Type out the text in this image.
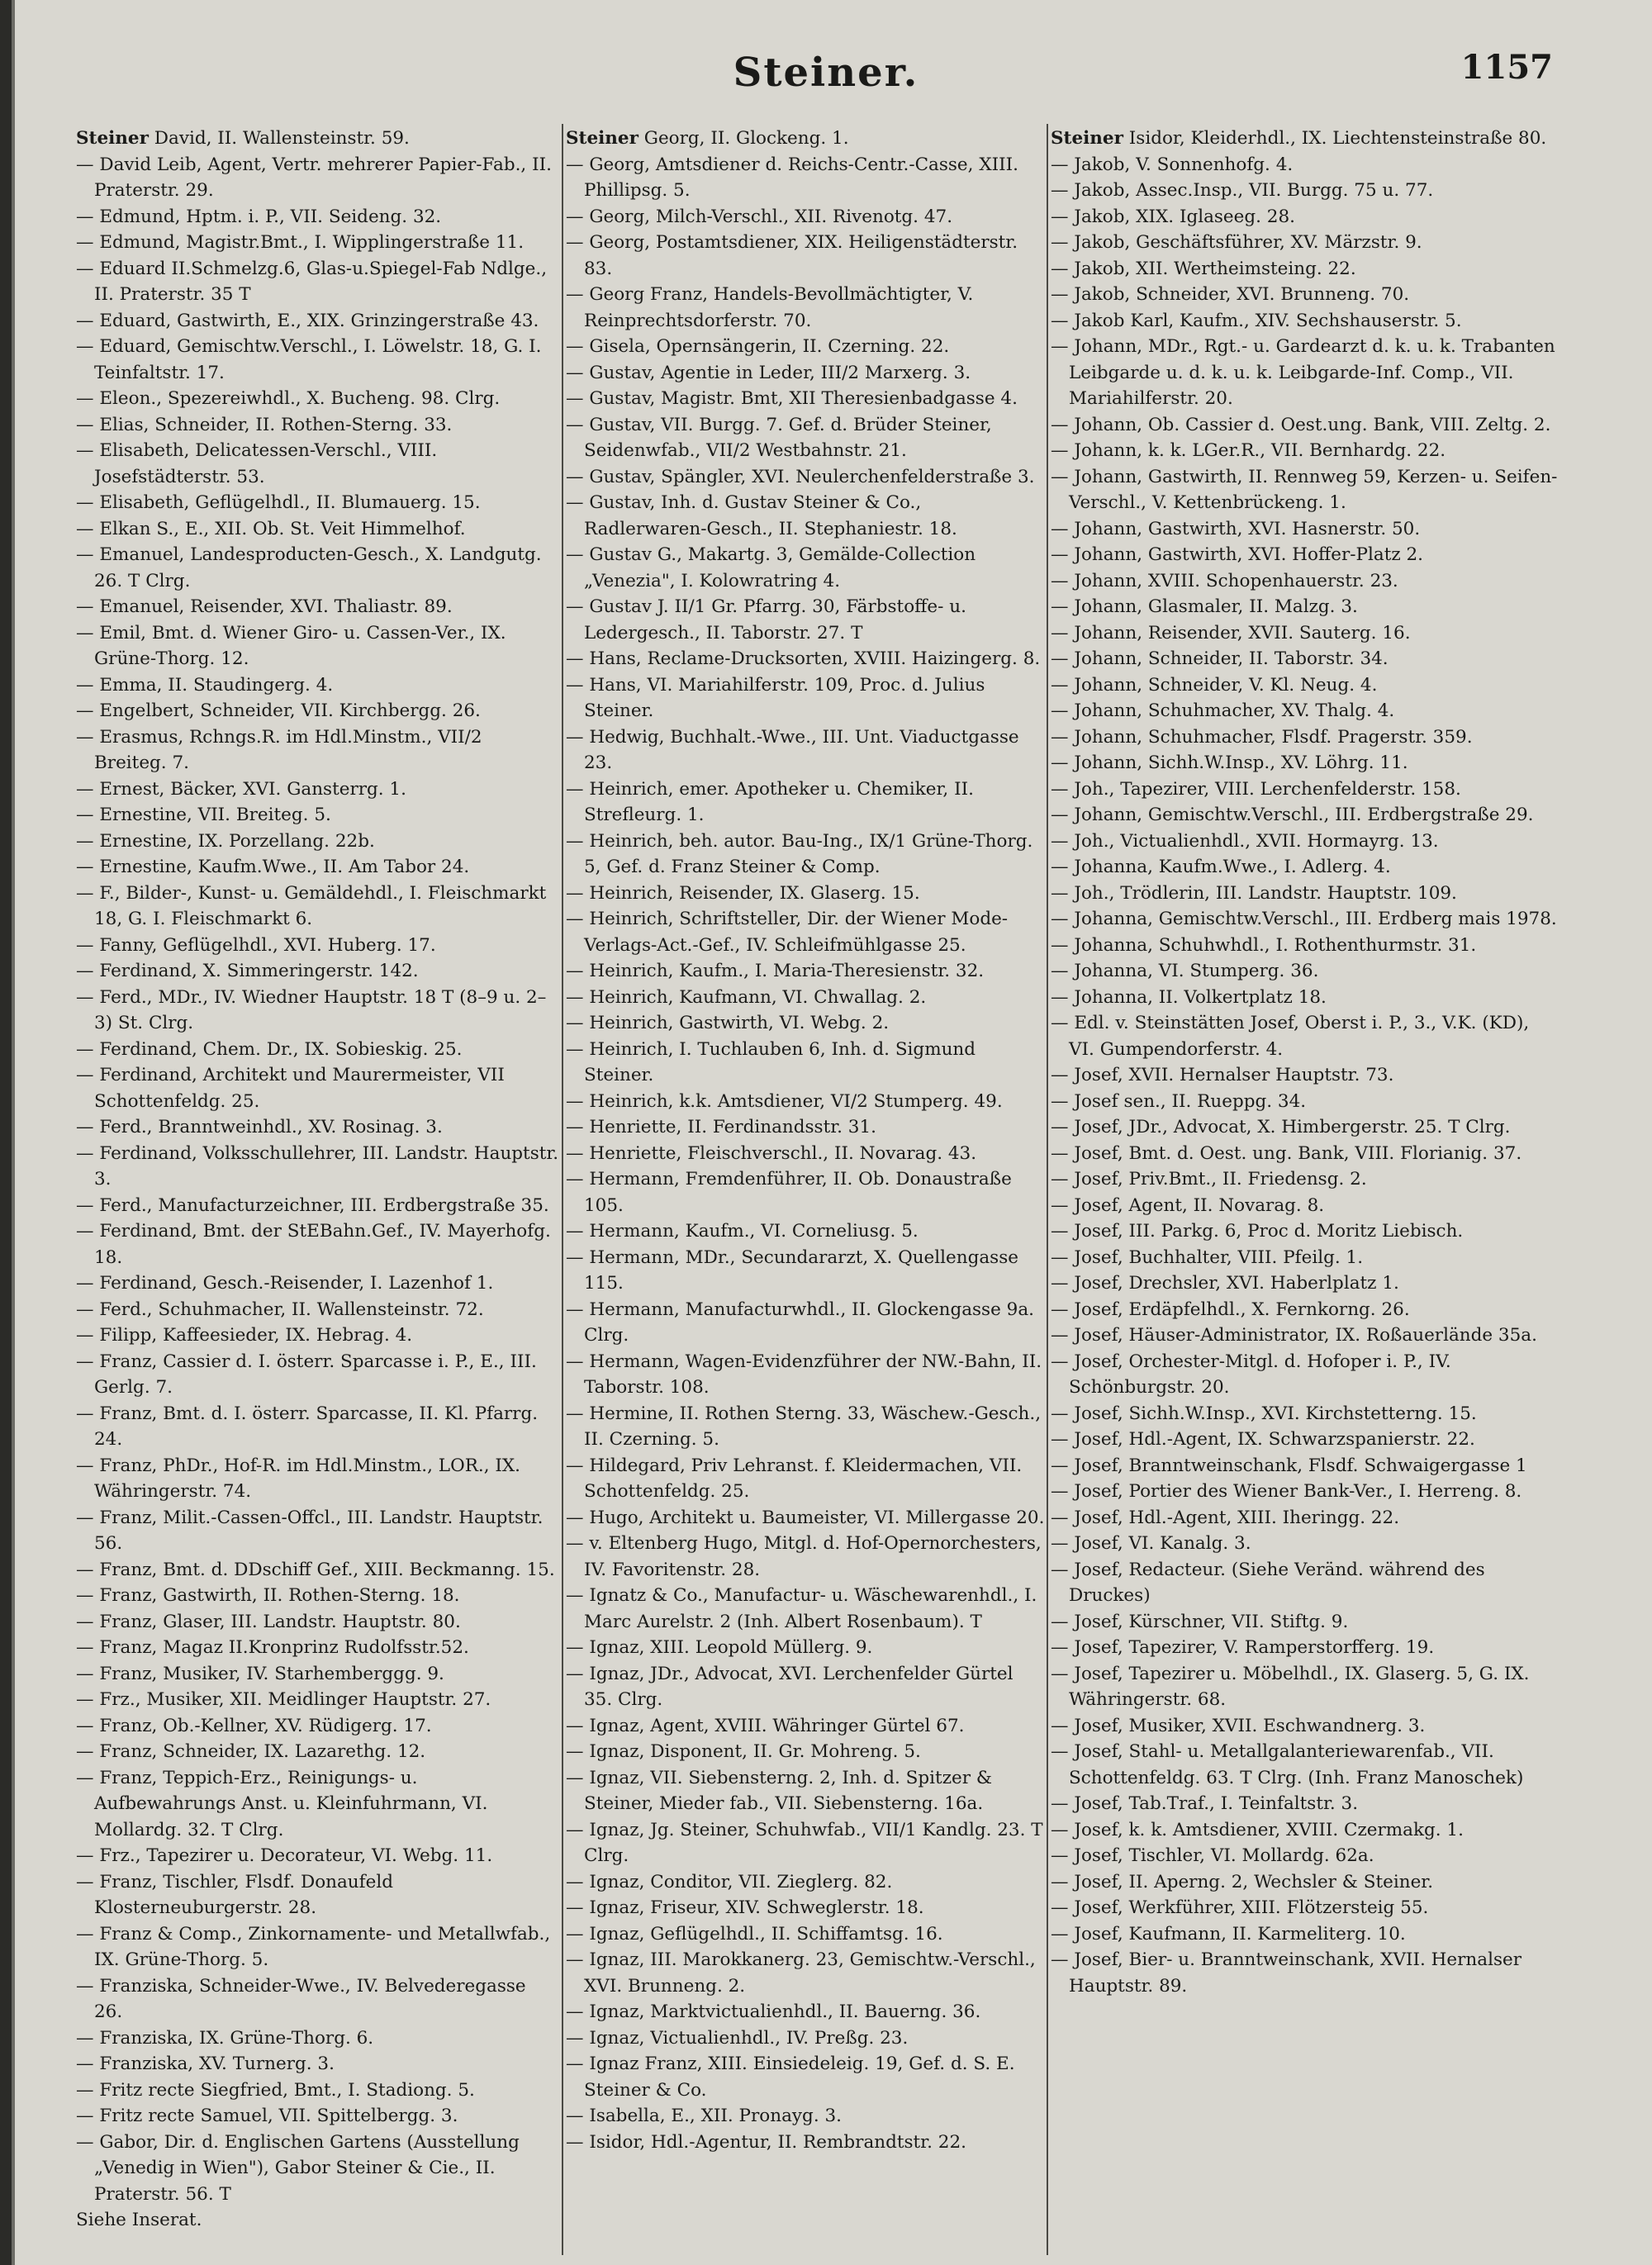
Steiner.	1157
Steiner David, II. Wallensteinstr. 59.
— David Leib, Agent, Vertr. mehrerer Papier-Fab., II. Praterstr. 29.
— Edmund, Hptm. i. P., VII. Seideng. 32.
— Edmund, Magistr.Bmt., I. Wipplingerstraße 11.
— Eduard II.Schmelzg.6, Glas-u.Spiegel-Fab Ndlge., II. Praterstr. 35 T
— Eduard, Gastwirth, E., XIX. Grinzingerstraße 43.
— Eduard, Gemischtw.Verschl., I. Löwelstr. 18, G. I. Teinfaltstr. 17.
— Eleon., Spezereiwhdl., X. Bucheng. 98. Clrg.
— Elias, Schneider, II. Rothen-Sterng. 33.
— Elisabeth, Delicatessen-Verschl., VIII. Josefstädterstr. 53.
— Elisabeth, Geflügelhdl., II. Blumauerg. 15.
— Elkan S., E., XII. Ob. St. Veit Himmelhof.
— Emanuel, Landesproducten-Gesch., X. Landgutg. 26. T Clrg.
— Emanuel, Reisender, XVI. Thaliastr. 89.
— Emil, Bmt. d. Wiener Giro- u. Cassen-Ver., IX. Grüne-Thorg. 12.
— Emma, II. Staudingerg. 4.
— Engelbert, Schneider, VII. Kirchbergg. 26.
— Erasmus, Rchngs.R. im Hdl.Minstm., VII/2 Breiteg. 7.
— Ernest, Bäcker, XVI. Gansterrg. 1.
— Ernestine, VII. Breiteg. 5.
— Ernestine, IX. Porzellang. 22b.
— Ernestine, Kaufm.Wwe., II. Am Tabor 24.
— F., Bilder-, Kunst- u. Gemäldehdl., I. Fleischmarkt 18, G. I. Fleischmarkt 6.
— Fanny, Geflügelhdl., XVI. Huberg. 17.
— Ferdinand, X. Simmeringerstr. 142.
— Ferd., MDr., IV. Wiedner Hauptstr. 18 T (8–9 u. 2–3) St. Clrg.
— Ferdinand, Chem. Dr., IX. Sobieskig. 25.
— Ferdinand, Architekt und Maurermeister, VII Schottenfeldg. 25.
— Ferd., Branntweinhdl., XV. Rosinag. 3.
— Ferdinand, Volksschullehrer, III. Landstr. Hauptstr. 3.
— Ferd., Manufacturzeichner, III. Erdbergstraße 35.
— Ferdinand, Bmt. der StEBahn.Gef., IV. Mayerhofg. 18.
— Ferdinand, Gesch.-Reisender, I. Lazenhof 1.
— Ferd., Schuhmacher, II. Wallensteinstr. 72.
— Filipp, Kaffeesieder, IX. Hebrag. 4.
— Franz, Cassier d. I. österr. Sparcasse i. P., E., III. Gerlg. 7.
— Franz, Bmt. d. I. österr. Sparcasse, II. Kl. Pfarrg. 24.
— Franz, PhDr., Hof-R. im Hdl.Minstm., LOR., IX. Währingerstr. 74.
— Franz, Milit.-Cassen-Offcl., III. Landstr. Hauptstr. 56.
— Franz, Bmt. d. DDschiff Gef., XIII. Beckmanng. 15.
— Franz, Gastwirth, II. Rothen-Sterng. 18.
— Franz, Glaser, III. Landstr. Hauptstr. 80.
— Franz, Magaz II.Kronprinz Rudolfsstr.52.
— Franz, Musiker, IV. Starhemberggg. 9.
— Frz., Musiker, XII. Meidlinger Hauptstr. 27.
— Franz, Ob.-Kellner, XV. Rüdigerg. 17.
— Franz, Schneider, IX. Lazarethg. 12.
— Franz, Teppich-Erz., Reinigungs- u. Aufbewahrungs Anst. u. Kleinfuhrmann, VI. Mollardg. 32. T Clrg.
— Frz., Tapezirer u. Decorateur, VI. Webg. 11.
— Franz, Tischler, Flsdf. Donaufeld Klosterneuburgerstr. 28.
— Franz & Comp., Zinkornamente- und Metallwfab., IX. Grüne-Thorg. 5.
— Franziska, Schneider-Wwe., IV. Belvederegasse 26.
— Franziska, IX. Grüne-Thorg. 6.
— Franziska, XV. Turnerg. 3.
— Fritz recte Siegfried, Bmt., I. Stadiong. 5.
— Fritz recte Samuel, VII. Spittelbergg. 3.
— Gabor, Dir. d. Englischen Gartens (Ausstellung „Venedig in Wien"), Gabor Steiner & Cie., II. Praterstr. 56. T
Siehe Inserat.
Steiner Georg, II. Glockeng. 1.
— Georg, Amtsdiener d. Reichs-Centr.-Casse, XIII. Phillipsg. 5.
— Georg, Milch-Verschl., XII. Rivenotg. 47.
— Georg, Postamtsdiener, XIX. Heiligenstädterstr. 83.
— Georg Franz, Handels-Bevollmächtigter, V. Reinprechtsdorferstr. 70.
— Gisela, Opernsängerin, II. Czerning. 22.
— Gustav, Agentie in Leder, III/2 Marxerg. 3.
— Gustav, Magistr. Bmt, XII Theresienbadgasse 4.
— Gustav, VII. Burgg. 7. Gef. d. Brüder Steiner, Seidenwfab., VII/2 Westbahnstr. 21.
— Gustav, Spängler, XVI. Neulerchenfelderstraße 3.
— Gustav, Inh. d. Gustav Steiner & Co., Radlerwaren-Gesch., II. Stephaniestr. 18.
— Gustav G., Makartg. 3, Gemälde-Collection „Venezia", I. Kolowratring 4.
— Gustav J. II/1 Gr. Pfarrg. 30, Färbstoffe- u. Ledergesch., II. Taborstr. 27. T
— Hans, Reclame-Drucksorten, XVIII. Haizingerg. 8.
— Hans, VI. Mariahilferstr. 109, Proc. d. Julius Steiner.
— Hedwig, Buchhalt.-Wwe., III. Unt. Viaductgasse 23.
— Heinrich, emer. Apotheker u. Chemiker, II. Strefleurg. 1.
— Heinrich, beh. autor. Bau-Ing., IX/1 Grüne-Thorg. 5, Gef. d. Franz Steiner & Comp.
— Heinrich, Reisender, IX. Glaserg. 15.
— Heinrich, Schriftsteller, Dir. der Wiener Mode-Verlags-Act.-Gef., IV. Schleifmühlgasse 25.
— Heinrich, Kaufm., I. Maria-Theresienstr. 32.
— Heinrich, Kaufmann, VI. Chwallag. 2.
— Heinrich, Gastwirth, VI. Webg. 2.
— Heinrich, I. Tuchlauben 6, Inh. d. Sigmund Steiner.
— Heinrich, k.k. Amtsdiener, VI/2 Stumperg. 49.
— Henriette, II. Ferdinandsstr. 31.
— Henriette, Fleischverschl., II. Novarag. 43.
— Hermann, Fremdenführer, II. Ob. Donaustraße 105.
— Hermann, Kaufm., VI. Corneliusg. 5.
— Hermann, MDr., Secundararzt, X. Quellengasse 115.
— Hermann, Manufacturwhdl., II. Glockengasse 9a. Clrg.
— Hermann, Wagen-Evidenzführer der NW.-Bahn, II. Taborstr. 108.
— Hermine, II. Rothen Sterng. 33, Wäschew.-Gesch., II. Czerning. 5.
— Hildegard, Priv Lehranst. f. Kleidermachen, VII. Schottenfeldg. 25.
— Hugo, Architekt u. Baumeister, VI. Millergasse 20.
— v. Eltenberg Hugo, Mitgl. d. Hof-Opernorchesters, IV. Favoritenstr. 28.
— Ignatz & Co., Manufactur- u. Wäschewarenhdl., I. Marc Aurelstr. 2 (Inh. Albert Rosenbaum). T
— Ignaz, XIII. Leopold Müllerg. 9.
— Ignaz, JDr., Advocat, XVI. Lerchenfelder Gürtel 35. Clrg.
— Ignaz, Agent, XVIII. Währinger Gürtel 67.
— Ignaz, Disponent, II. Gr. Mohreng. 5.
— Ignaz, VII. Siebensterng. 2, Inh. d. Spitzer & Steiner, Mieder fab., VII. Siebensterng. 16a.
— Ignaz, Jg. Steiner, Schuhwfab., VII/1 Kandlg. 23. T Clrg.
— Ignaz, Conditor, VII. Zieglerg. 82.
— Ignaz, Friseur, XIV. Schweglerstr. 18.
— Ignaz, Geflügelhdl., II. Schiffamtsg. 16.
— Ignaz, III. Marokkanerg. 23, Gemischtw.-Verschl., XVI. Brunneng. 2.
— Ignaz, Marktvictualienhdl., II. Bauerng. 36.
— Ignaz, Victualienhdl., IV. Preßg. 23.
— Ignaz Franz, XIII. Einsiedeleig. 19, Gef. d. S. E. Steiner & Co.
— Isabella, E., XII. Pronayg. 3.
— Isidor, Hdl.-Agentur, II. Rembrandtstr. 22.
Steiner Isidor, Kleiderhdl., IX. Liechtensteinstraße 80.
— Jakob, V. Sonnenhofg. 4.
— Jakob, Assec.Insp., VII. Burgg. 75 u. 77.
— Jakob, XIX. Iglaseeg. 28.
— Jakob, Geschäftsführer, XV. Märzstr. 9.
— Jakob, XII. Wertheimsteing. 22.
— Jakob, Schneider, XVI. Brunneng. 70.
— Jakob Karl, Kaufm., XIV. Sechshauserstr. 5.
— Johann, MDr., Rgt.- u. Gardearzt d. k. u. k. Trabanten Leibgarde u. d. k. u. k. Leibgarde-Inf. Comp., VII. Mariahilferstr. 20.
— Johann, Ob. Cassier d. Oest.ung. Bank, VIII. Zeltg. 2.
— Johann, k. k. LGer.R., VII. Bernhardg. 22.
— Johann, Gastwirth, II. Rennweg 59, Kerzen- u. Seifen-Verschl., V. Kettenbrückeng. 1.
— Johann, Gastwirth, XVI. Hasnerstr. 50.
— Johann, Gastwirth, XVI. Hoffer-Platz 2.
— Johann, XVIII. Schopenhauerstr. 23.
— Johann, Glasmaler, II. Malzg. 3.
— Johann, Reisender, XVII. Sauterg. 16.
— Johann, Schneider, II. Taborstr. 34.
— Johann, Schneider, V. Kl. Neug. 4.
— Johann, Schuhmacher, XV. Thalg. 4.
— Johann, Schuhmacher, Flsdf. Pragerstr. 359.
— Johann, Sichh.W.Insp., XV. Löhrg. 11.
— Joh., Tapezirer, VIII. Lerchenfelderstr. 158.
— Johann, Gemischtw.Verschl., III. Erdbergstraße 29.
— Joh., Victualienhdl., XVII. Hormayrg. 13.
— Johanna, Kaufm.Wwe., I. Adlerg. 4.
— Joh., Trödlerin, III. Landstr. Hauptstr. 109.
— Johanna, Gemischtw.Verschl., III. Erdberg mais 1978.
— Johanna, Schuhwhdl., I. Rothenthurmstr. 31.
— Johanna, VI. Stumperg. 36.
— Johanna, II. Volkertplatz 18.
— Edl. v. Steinstätten Josef, Oberst i. P., 3., V.K. (KD), VI. Gumpendorferstr. 4.
— Josef, XVII. Hernalser Hauptstr. 73.
— Josef sen., II. Rueppg. 34.
— Josef, JDr., Advocat, X. Himbergerstr. 25. T Clrg.
— Josef, Bmt. d. Oest. ung. Bank, VIII. Florianig. 37.
— Josef, Priv.Bmt., II. Friedensg. 2.
— Josef, Agent, II. Novarag. 8.
— Josef, III. Parkg. 6, Proc d. Moritz Liebisch.
— Josef, Buchhalter, VIII. Pfeilg. 1.
— Josef, Drechsler, XVI. Haberlplatz 1.
— Josef, Erdäpfelhdl., X. Fernkorng. 26.
— Josef, Häuser-Administrator, IX. Roßauerlände 35a.
— Josef, Orchester-Mitgl. d. Hofoper i. P., IV. Schönburgstr. 20.
— Josef, Sichh.W.Insp., XVI. Kirchstetterng. 15.
— Josef, Hdl.-Agent, IX. Schwarzspanierstr. 22.
— Josef, Branntweinschank, Flsdf. Schwaigergasse 1
— Josef, Portier des Wiener Bank-Ver., I. Herreng. 8.
— Josef, Hdl.-Agent, XIII. Iheringg. 22.
— Josef, VI. Kanalg. 3.
— Josef, Redacteur. (Siehe Veränd. während des Druckes)
— Josef, Kürschner, VII. Stiftg. 9.
— Josef, Tapezirer, V. Ramperstorfferg. 19.
— Josef, Tapezirer u. Möbelhdl., IX. Glaserg. 5, G. IX. Währingerstr. 68.
— Josef, Musiker, XVII. Eschwandnerg. 3.
— Josef, Stahl- u. Metallgalanteriewarenfab., VII. Schottenfeldg. 63. T Clrg. (Inh. Franz Manoschek)
— Josef, Tab.Traf., I. Teinfaltstr. 3.
— Josef, k. k. Amtsdiener, XVIII. Czermakg. 1.
— Josef, Tischler, VI. Mollardg. 62a.
— Josef, II. Aperng. 2, Wechsler & Steiner.
— Josef, Werkführer, XIII. Flötzersteig 55.
— Josef, Kaufmann, II. Karmeliterg. 10.
— Josef, Bier- u. Branntweinschank, XVII. Hernalser Hauptstr. 89.
